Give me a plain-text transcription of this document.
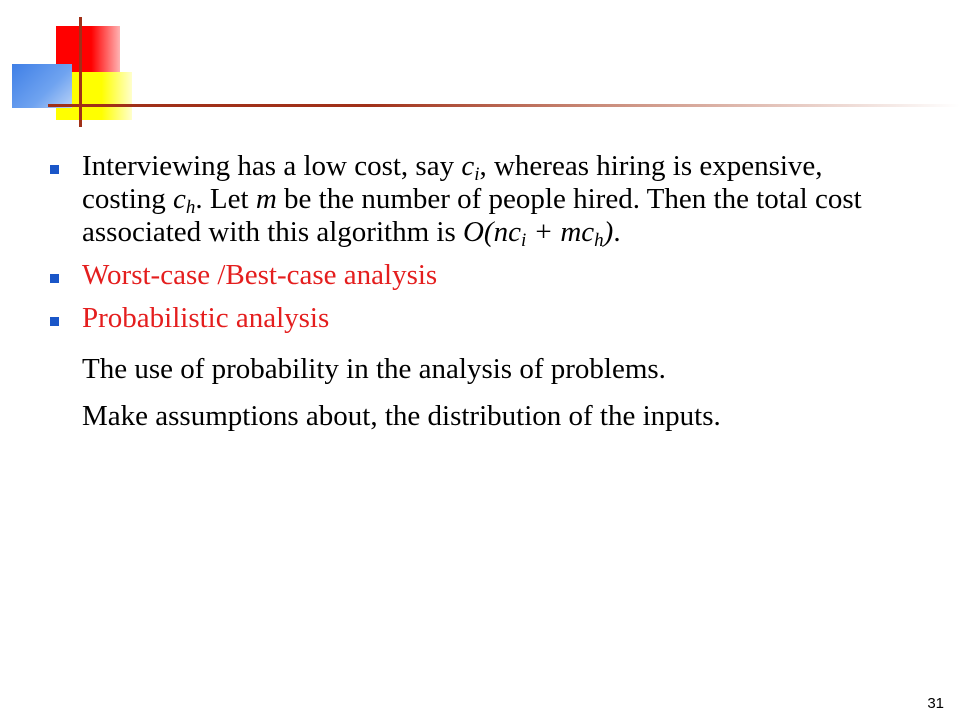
Interviewing has a low cost, say $c_i$, whereas hiring is expensive, costing $c_h$. Let m be the number of people hired. Then the total cost associated with this algorithm is $O(nc_i + mc_h)$.
Worst-case /Best-case analysis
Probabilistic analysis
The use of probability in the analysis of problems.
Make assumptions about, the distribution of the inputs.
31
